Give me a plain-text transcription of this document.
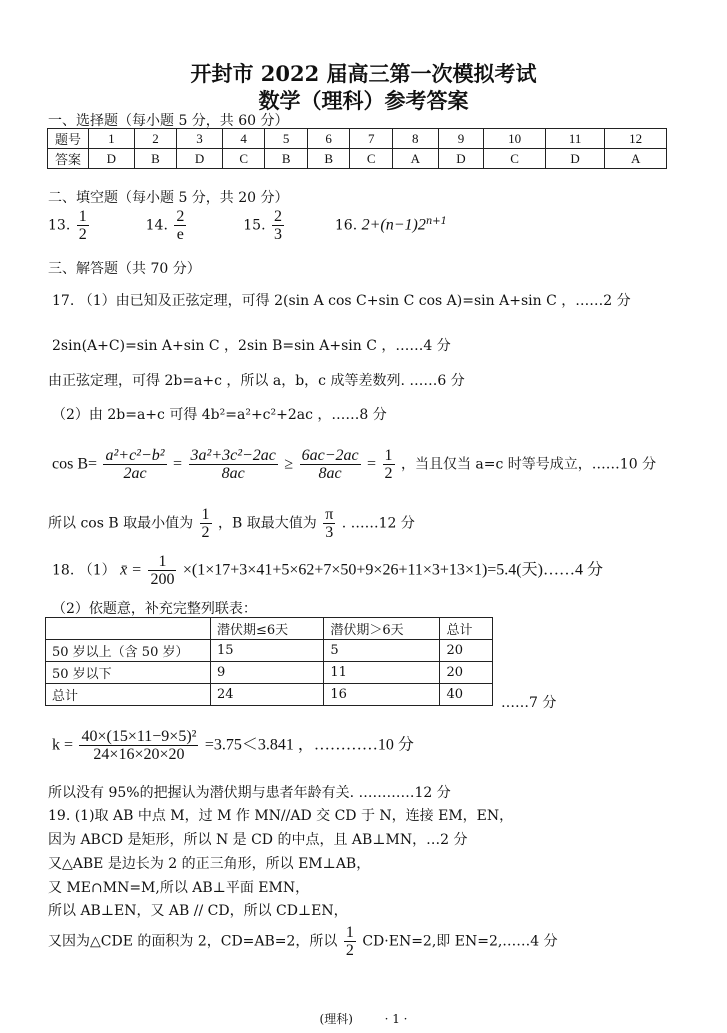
开封市 2022 届高三第一次模拟考试
数学（理科）参考答案
一、选择题（每小题 5 分，共 60 分）
题号	1	2	3	4	5	6	7	8	9	10	11	12
答案	D	B	D	C	B	B	C	A	D	C	D	A
二、填空题（每小题 5 分，共 20 分）
13. $\frac{1}{2}$	14. $\frac{2}{e}$	15. $\frac{2}{3}$	16. $2+(n-1)2^{n+1}$
三、解答题（共 70 分）
17. （1）由已知及正弦定理，可得 2(sin A cos C+sin C cos A)=sin A+sin C ，……2 分
2sin(A+C)=sin A+sin C ，2sin B=sin A+sin C ，……4 分
由正弦定理，可得 2b=a+c ，所以 a，b，c 成等差数列. ……6 分
（2）由 2b=a+c 可得 4b²=a²+c²+2ac ，……8 分
$\cos B= \frac{\text{a²+c²−b²}}{2ac} = \frac{\text{3a²+3c²−2ac}}{8ac} \ge \frac{6ac-2ac}{8ac} = \frac{1}{2}$ ，当且仅当 a=c 时等号成立，……10 分
所以 cos B 取最小值为 $\frac{1}{2}$ ，B 取最大值为 $\frac{\pi}{3}$ . ……12 分
18. （1） x̄ = $\frac{1}{200} \times(1\times 17+3\times 41+5\times 62+7\times 50+9\times 26+11\times 3+13\times 1)=5.4$(天)……4 分
（2）依题意，补充完整列联表：
	潜伏期≤6天	潜伏期＞6天	总计
50 岁以上（含 50 岁）	15	5	20
50 岁以下	9	11	20
总计	24	16	40
……7 分
$k = \frac{\text{40×(15×11−9×5)²}}{24\times 16\times 20\times 20} =3.75<3.841$ ，…………10 分
所以没有 95%的把握认为潜伏期与患者年龄有关. …………12 分
19. (1)取 AB 中点 M，过 M 作 MN//AD 交 CD 于 N，连接 EM，EN，
因为 ABCD 是矩形，所以 N 是 CD 的中点，且 AB⊥MN，…2 分
又△ABE 是边长为 2 的正三角形，所以 EM⊥AB，
又 ME∩MN=M,所以 AB⊥平面 EMN，
所以 AB⊥EN，又 AB // CD，所以 CD⊥EN，
又因为△CDE 的面积为 2，CD=AB=2，所以 $\frac{1}{2} CD\cdot EN=2$,即 EN=2,……4 分
(理科)	· 1 ·
